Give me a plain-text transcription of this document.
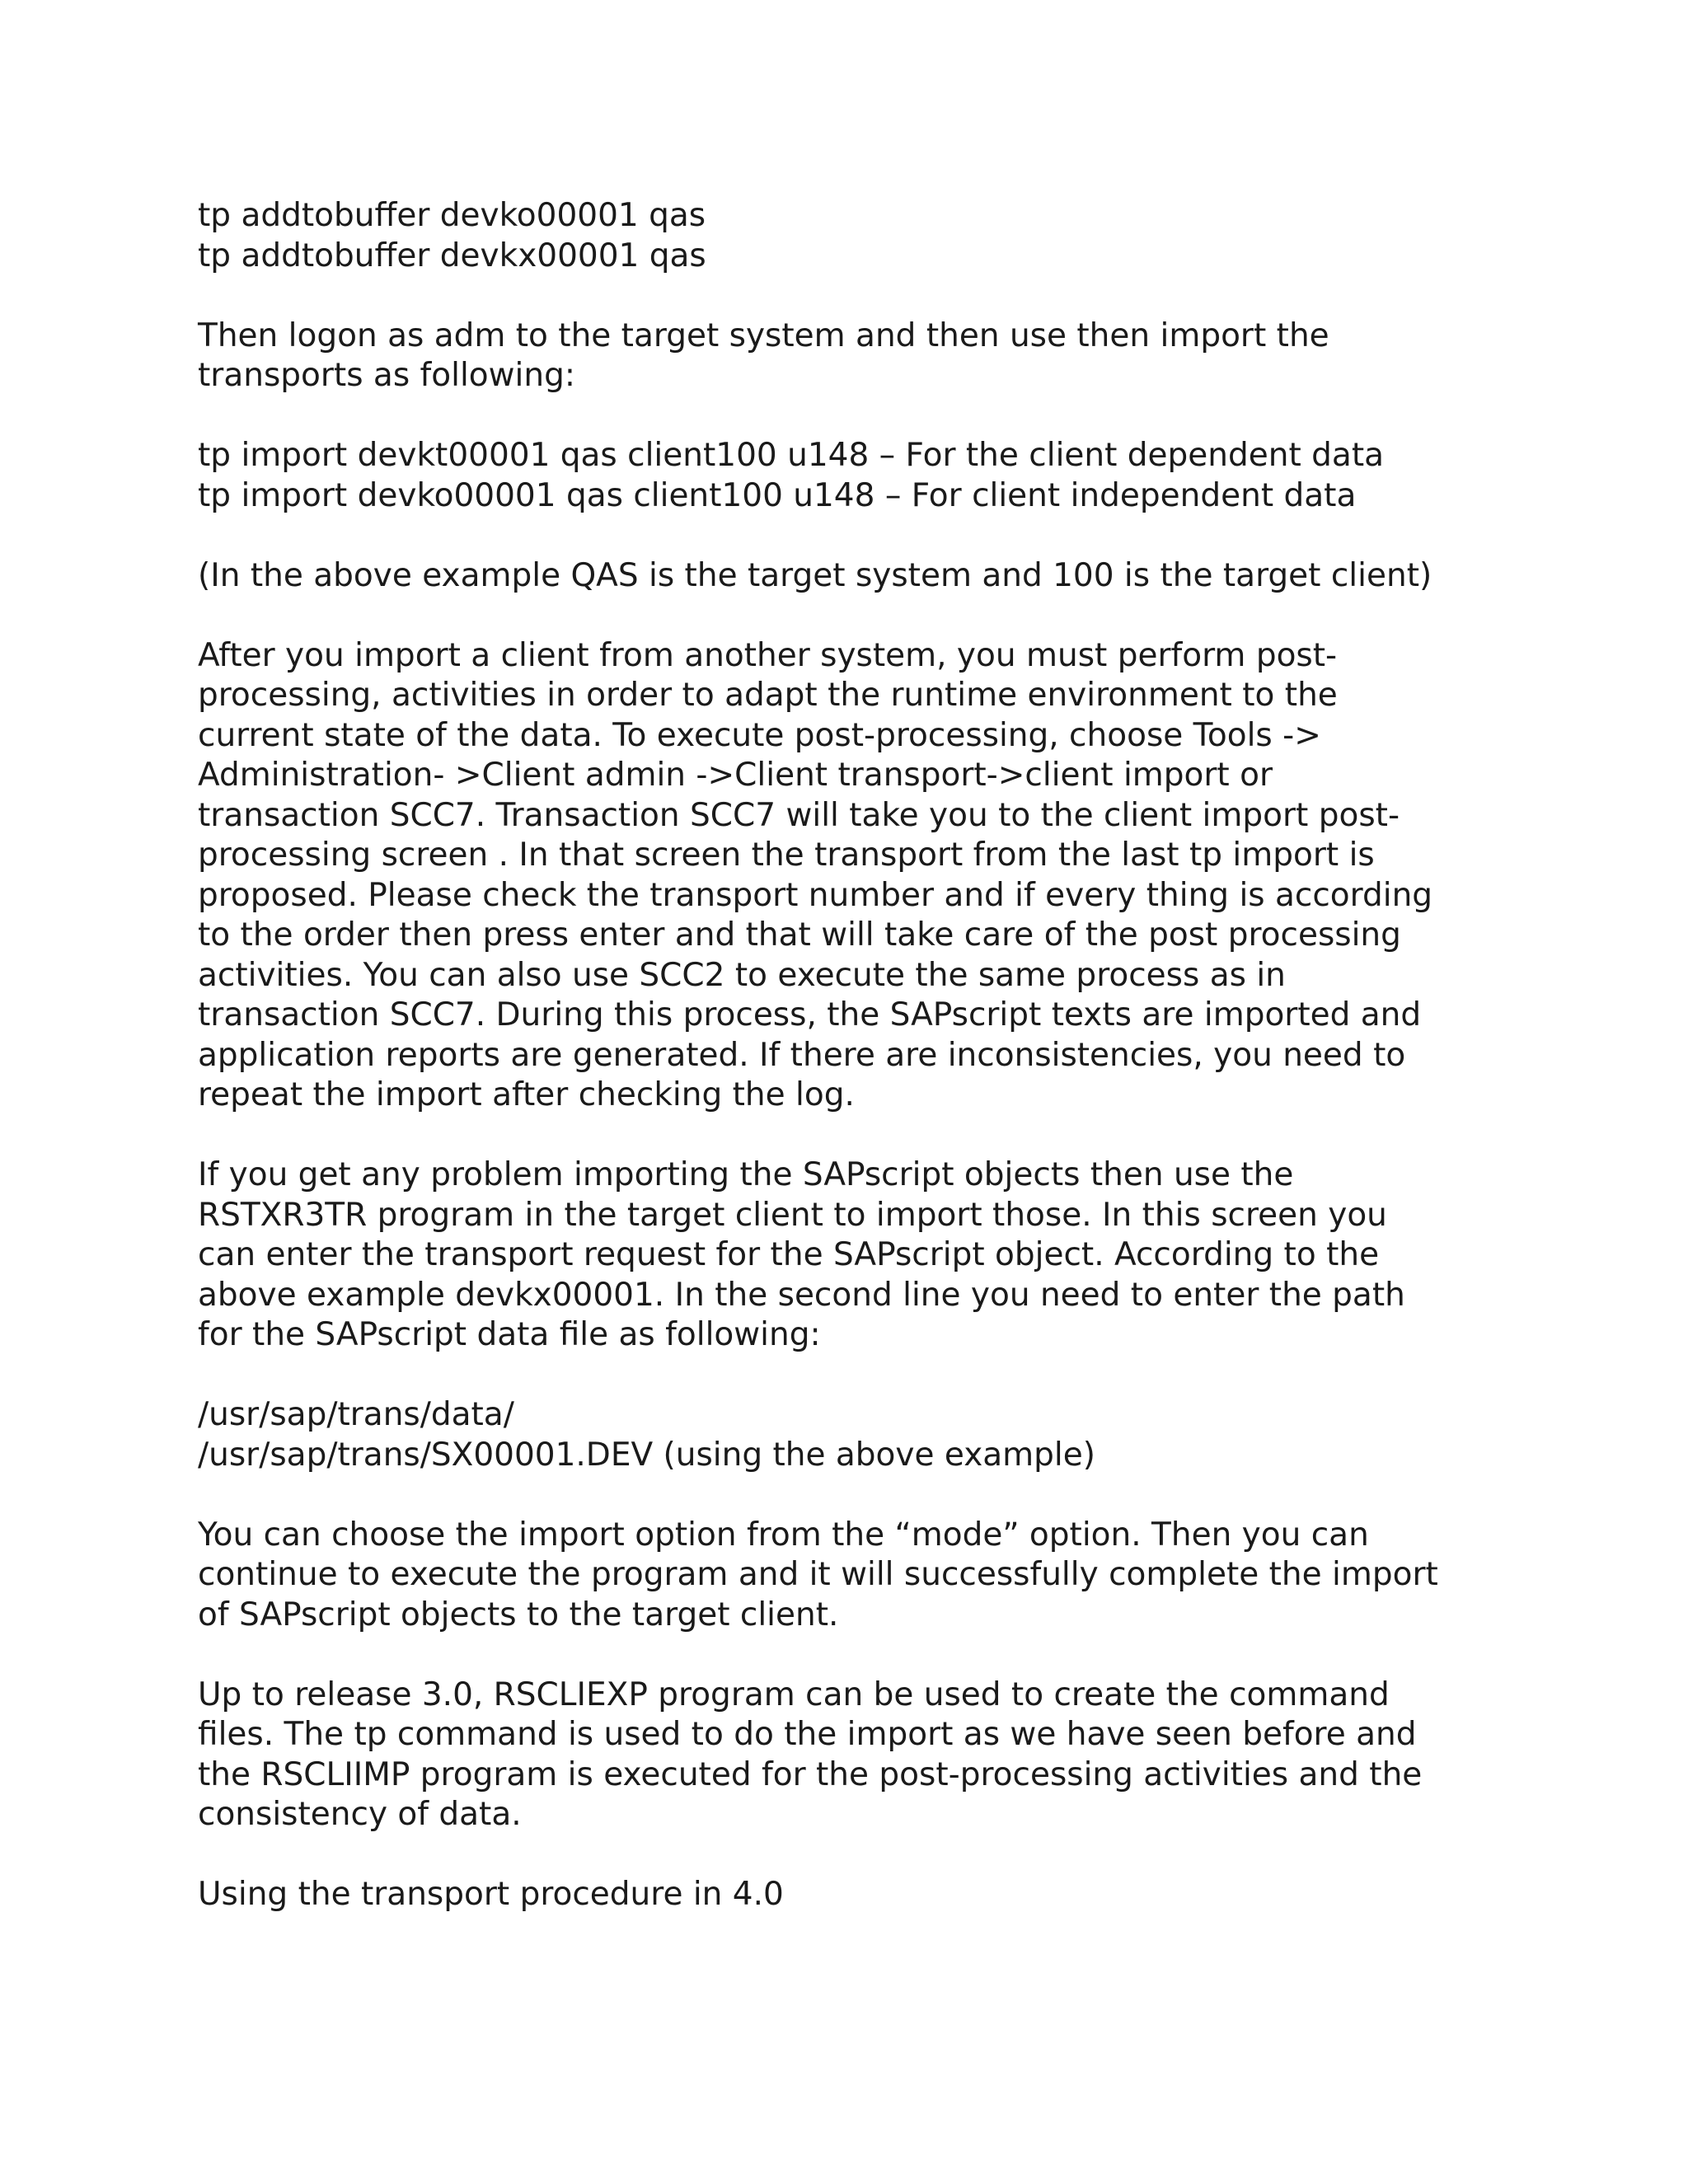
tp addtobuffer devko00001 qas
tp addtobuffer devkx00001 qas
Then logon as adm to the target system and then use then import the
transports as following:
tp import devkt00001 qas client100 u148 – For the client dependent data
tp import devko00001 qas client100 u148 – For client independent data
(In the above example QAS is the target system and 100 is the target client)
After you import a client from another system, you must perform post-
processing, activities in order to adapt the runtime environment to the
current state of the data. To execute post-processing, choose Tools ->
Administration- >Client admin ->Client transport->client import or
transaction SCC7. Transaction SCC7 will take you to the client import post-
processing screen . In that screen the transport from the last tp import is
proposed. Please check the transport number and if every thing is according
to the order then press enter and that will take care of the post processing
activities. You can also use SCC2 to execute the same process as in
transaction SCC7. During this process, the SAPscript texts are imported and
application reports are generated. If there are inconsistencies, you need to
repeat the import after checking the log.
If you get any problem importing the SAPscript objects then use the
RSTXR3TR program in the target client to import those. In this screen you
can enter the transport request for the SAPscript object. According to the
above example devkx00001. In the second line you need to enter the path
for the SAPscript data file as following:
/usr/sap/trans/data/
/usr/sap/trans/SX00001.DEV (using the above example)
You can choose the import option from the “mode” option. Then you can
continue to execute the program and it will successfully complete the import
of SAPscript objects to the target client.
Up to release 3.0, RSCLIEXP program can be used to create the command
files. The tp command is used to do the import as we have seen before and
the RSCLIIMP program is executed for the post-processing activities and the
consistency of data.
Using the transport procedure in 4.0
